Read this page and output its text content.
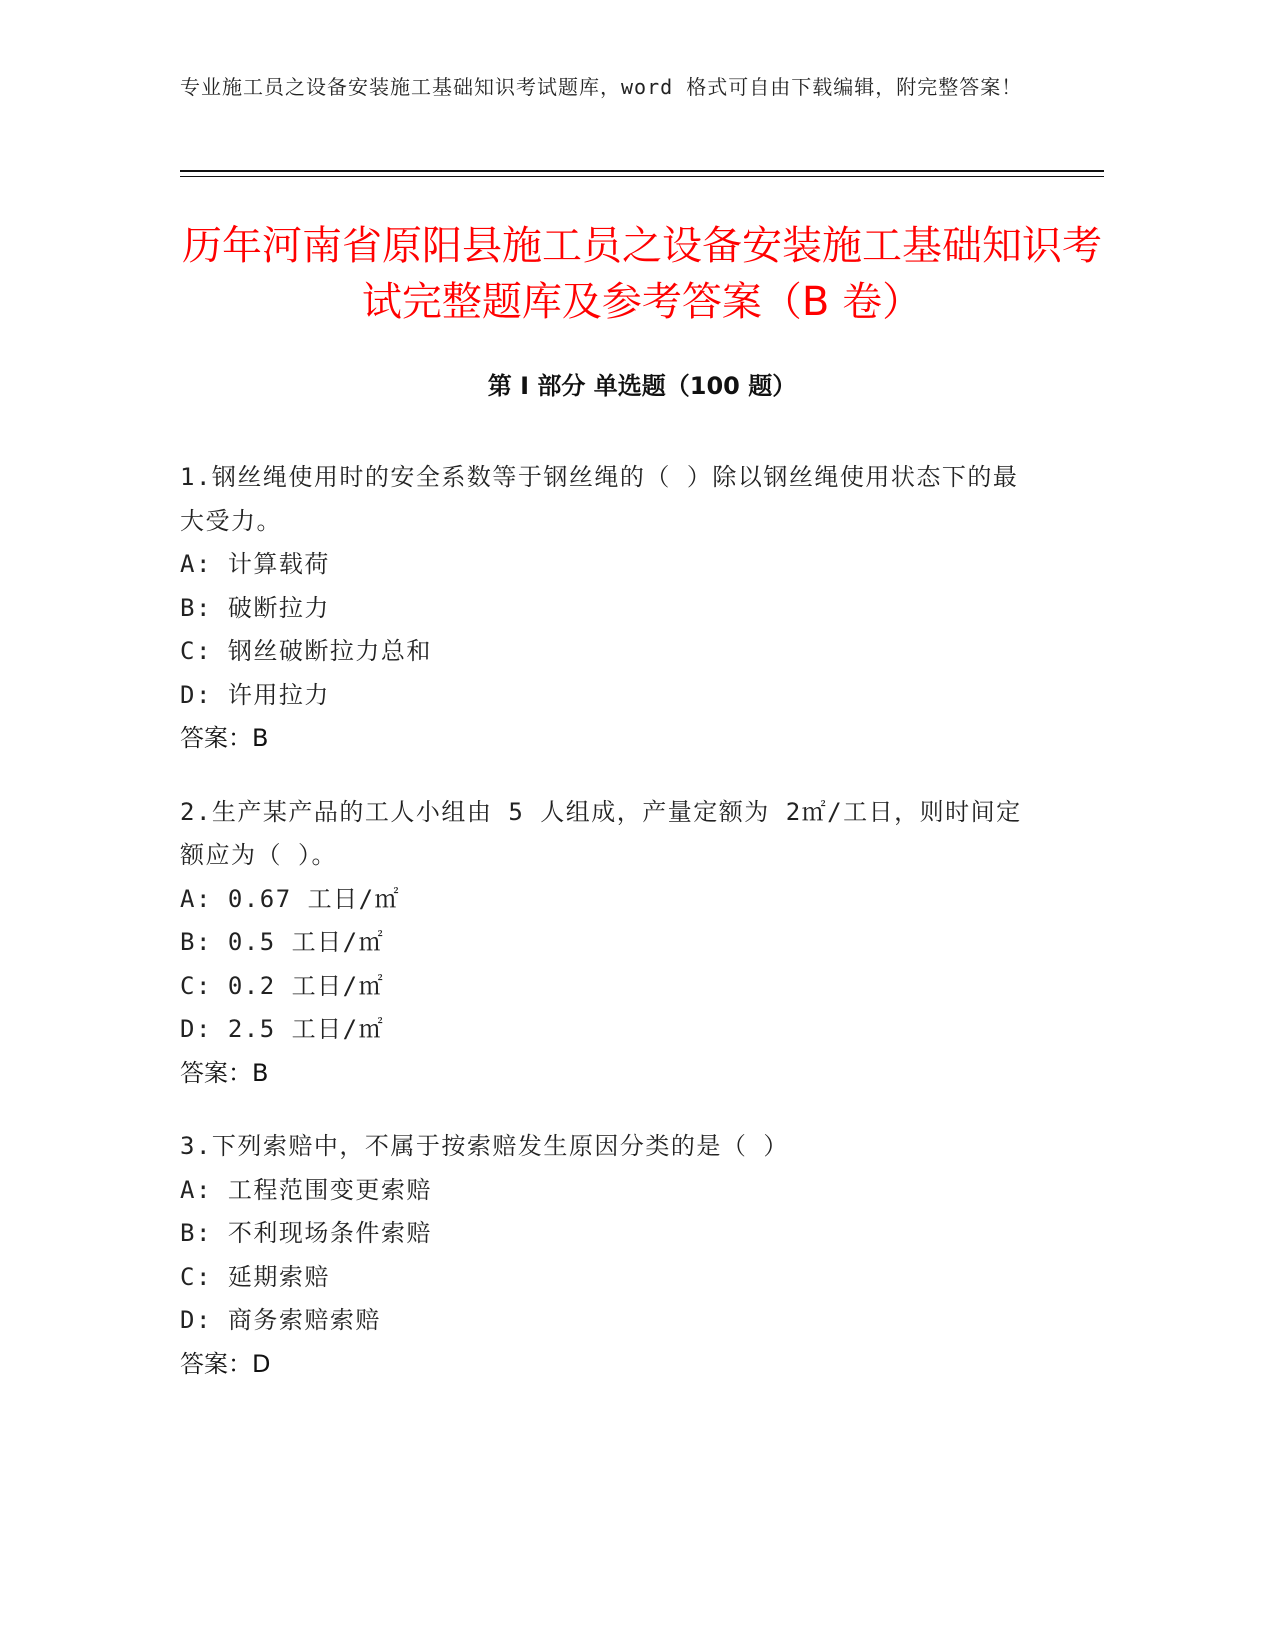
专业施工员之设备安装施工基础知识考试题库，word 格式可自由下载编辑，附完整答案！
历年河南省原阳县施工员之设备安装施工基础知识考试完整题库及参考答案（B 卷）
第 I 部分 单选题（100 题）

1.钢丝绳使用时的安全系数等于钢丝绳的（ ）除以钢丝绳使用状态下的最大受力。

A: 计算载荷

B: 破断拉力

C: 钢丝破断拉力总和

D: 许用拉力

答案：B

2.生产某产品的工人小组由 5 人组成，产量定额为 2㎡/工日，则时间定额应为（ ）。

A: 0.67 工日/㎡

B: 0.5 工日/㎡

C: 0.2 工日/㎡

D: 2.5 工日/㎡

答案：B

3.下列索赔中，不属于按索赔发生原因分类的是（ ）

A: 工程范围变更索赔

B: 不利现场条件索赔

C: 延期索赔

D: 商务索赔索赔

答案：D
